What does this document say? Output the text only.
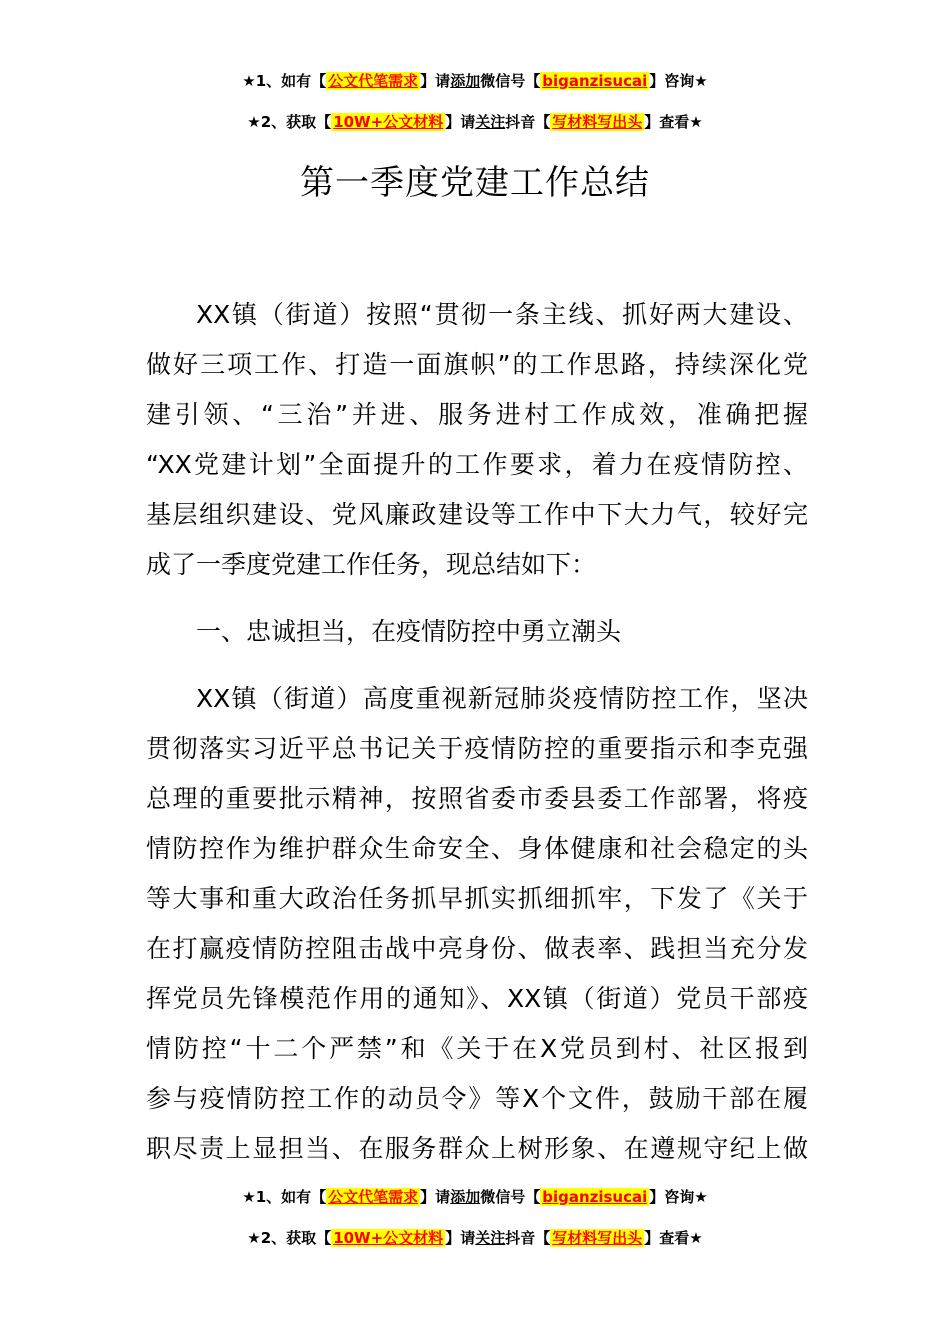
★1、如有【 公文代笔需求 】请添加微信号【 biganzisucai 】咨询★
★2、获取【 10W+公文材料 】请关注抖音【 写材料写出头 】查看★
第一季度党建工作总结
XX镇（街道）按照“贯彻一条主线、抓好两大建设、
做好三项工作、打造一面旗帜”的工作思路，持续深化党
建引领、“三治”并进、服务进村工作成效，准确把握
“XX党建计划”全面提升的工作要求，着力在疫情防控、
基层组织建设、党风廉政建设等工作中下大力气，较好完
成了一季度党建工作任务，现总结如下：
一、忠诚担当，在疫情防控中勇立潮头
XX镇（街道）高度重视新冠肺炎疫情防控工作，坚决
贯彻落实习近平总书记关于疫情防控的重要指示和李克强
总理的重要批示精神，按照省委市委县委工作部署，将疫
情防控作为维护群众生命安全、身体健康和社会稳定的头
等大事和重大政治任务抓早抓实抓细抓牢，下发了《关于
在打赢疫情防控阻击战中亮身份、做表率、践担当充分发
挥党员先锋模范作用的通知》、XX镇（街道）党员干部疫
情防控“十二个严禁”和《关于在X党员到村、社区报到
参与疫情防控工作的动员令》等X个文件，鼓励干部在履
职尽责上显担当、在服务群众上树形象、在遵规守纪上做
★1、如有【 公文代笔需求 】请添加微信号【 biganzisucai 】咨询★
★2、获取【 10W+公文材料 】请关注抖音【 写材料写出头 】查看★
